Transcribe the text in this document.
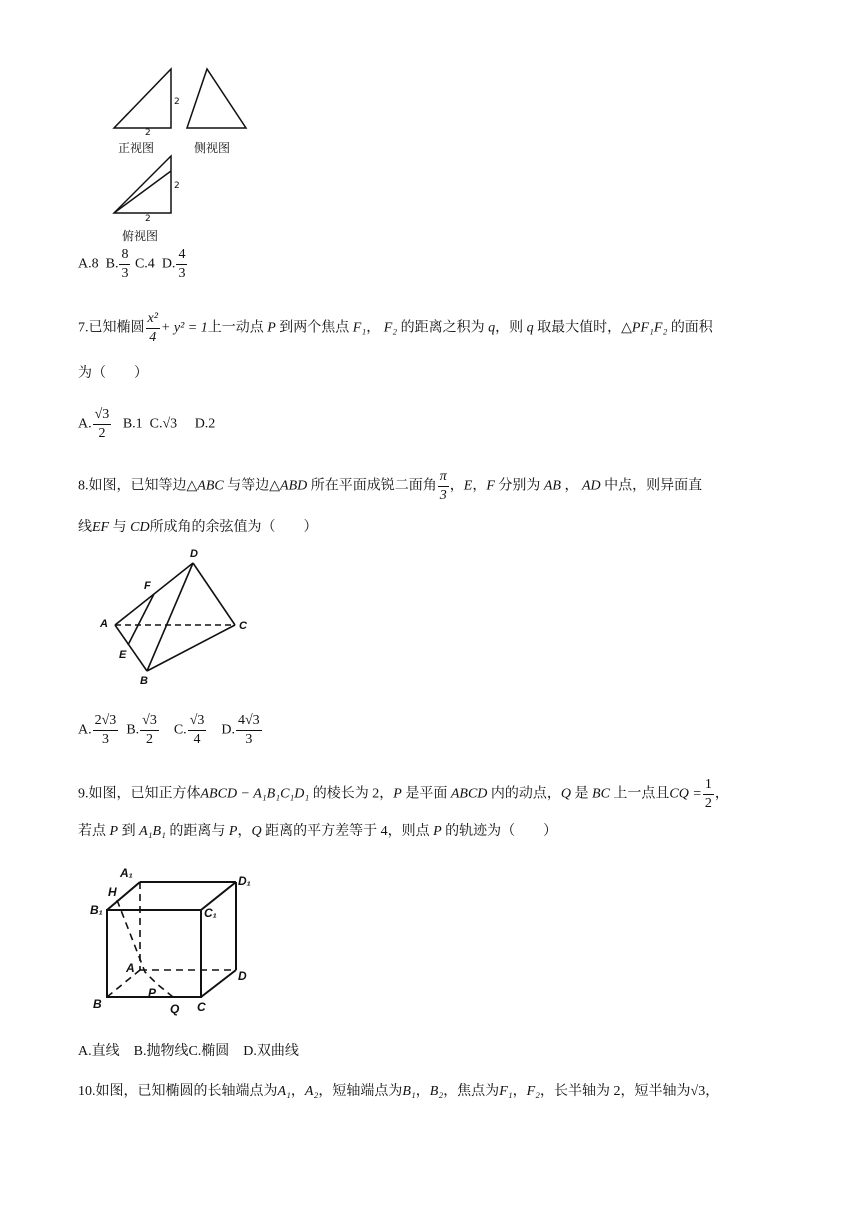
2
2
正视图	侧视图
2
2
俯视图
A.8 B. $\frac{8}{3} C.4$ D. $\frac{4}{3}$
7.已知椭圆 $\frac{\text{x²}}{4} + y^2 = 1$上一动点 P 到两个焦点 F₁， F₂ 的距离之积为 q，则 q 取最大值时，△PF₁F₂ 的面积
为（　　）
A. $\frac{√3}{2} B.1$ C.√3 D.2
8.如图，已知等边△ABC 与等边△ABD 所在平面成锐二面角 $\frac{\pi}{3}$ ，E，F 分别为 AB ， AD 中点，则异面直
线EF 与 CD所成角的余弦值为（　　）
D
F
A	C
E
B
A. $\frac{2√3}{3} B$. $\frac{√3}{2} C$. $\frac{√3}{4} D$. $\frac{4√3}{3}$
9.如图，已知正方体ABCD − A₁B₁C₁D₁ 的棱长为 2，P 是平面 ABCD 内的动点，Q 是 BC 上一点且CQ = $\frac{1}{2}$ ，
若点 P 到 A₁B₁ 的距离与 P，Q 距离的平方差等于 4，则点 P 的轨迹为（　　）
A₁
D₁
H
B₁	C₁
A
D
P
B	Q C
A.直线　B.抛物线C.椭圆　D.双曲线
10.如图，已知椭圆的长轴端点为A₁，A₂，短轴端点为B₁，B₂，焦点为F₁，F₂，长半轴为 2，短半轴为√3，
